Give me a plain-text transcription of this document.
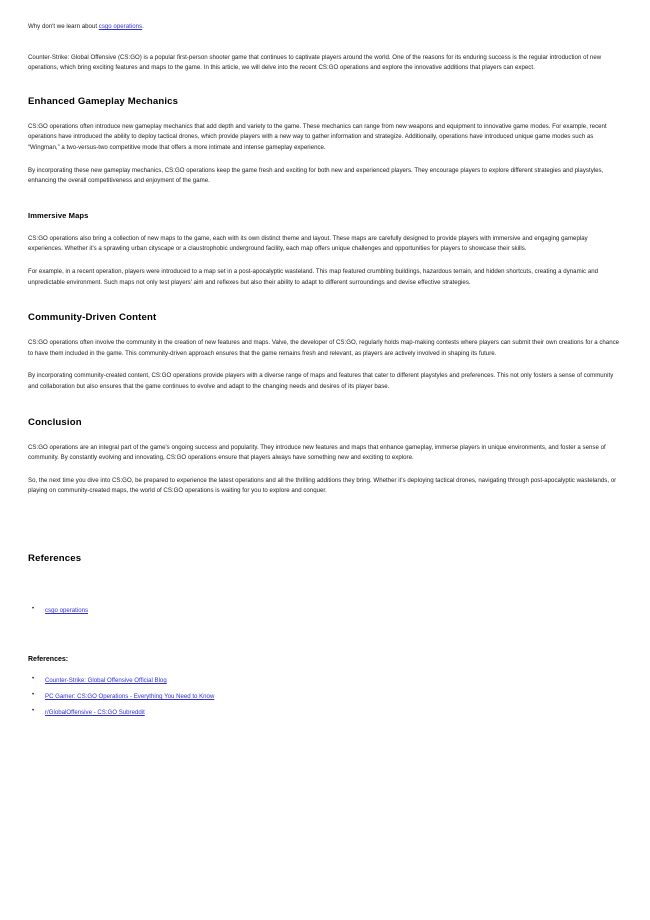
Why don't we learn about csgo operations.

Counter-Strike: Global Offensive (CS:GO) is a popular first-person shooter game that continues to captivate players around the world. One of the reasons for its enduring success is the regular introduction of new operations, which bring exciting features and maps to the game. In this article, we will delve into the recent CS:GO operations and explore the innovative additions that players can expect.

Enhanced Gameplay Mechanics

CS:GO operations often introduce new gameplay mechanics that add depth and variety to the game. These mechanics can range from new weapons and equipment to innovative game modes. For example, recent operations have introduced the ability to deploy tactical drones, which provide players with a new way to gather information and strategize. Additionally, operations have introduced unique game modes such as “Wingman,” a two-versus-two competitive mode that offers a more intimate and intense gameplay experience.

By incorporating these new gameplay mechanics, CS:GO operations keep the game fresh and exciting for both new and experienced players. They encourage players to explore different strategies and playstyles, enhancing the overall competitiveness and enjoyment of the game.

Immersive Maps

CS:GO operations also bring a collection of new maps to the game, each with its own distinct theme and layout. These maps are carefully designed to provide players with immersive and engaging gameplay experiences. Whether it's a sprawling urban cityscape or a claustrophobic underground facility, each map offers unique challenges and opportunities for players to showcase their skills.

For example, in a recent operation, players were introduced to a map set in a post-apocalyptic wasteland. This map featured crumbling buildings, hazardous terrain, and hidden shortcuts, creating a dynamic and unpredictable environment. Such maps not only test players' aim and reflexes but also their ability to adapt to different surroundings and devise effective strategies.

Community-Driven Content

CS:GO operations often involve the community in the creation of new features and maps. Valve, the developer of CS:GO, regularly holds map-making contests where players can submit their own creations for a chance to have them included in the game. This community-driven approach ensures that the game remains fresh and relevant, as players are actively involved in shaping its future.

By incorporating community-created content, CS:GO operations provide players with a diverse range of maps and features that cater to different playstyles and preferences. This not only fosters a sense of community and collaboration but also ensures that the game continues to evolve and adapt to the changing needs and desires of its player base.

Conclusion

CS:GO operations are an integral part of the game's ongoing success and popularity. They introduce new features and maps that enhance gameplay, immerse players in unique environments, and foster a sense of community. By constantly evolving and innovating, CS:GO operations ensure that players always have something new and exciting to explore.

So, the next time you dive into CS:GO, be prepared to experience the latest operations and all the thrilling additions they bring. Whether it's deploying tactical drones, navigating through post-apocalyptic wastelands, or playing on community-created maps, the world of CS:GO operations is waiting for you to explore and conquer.

References
• csgo operations
References:
• Counter-Strike: Global Offensive Official Blog
• PC Gamer: CS:GO Operations - Everything You Need to Know
• r/GlobalOffensive - CS:GO Subreddit
